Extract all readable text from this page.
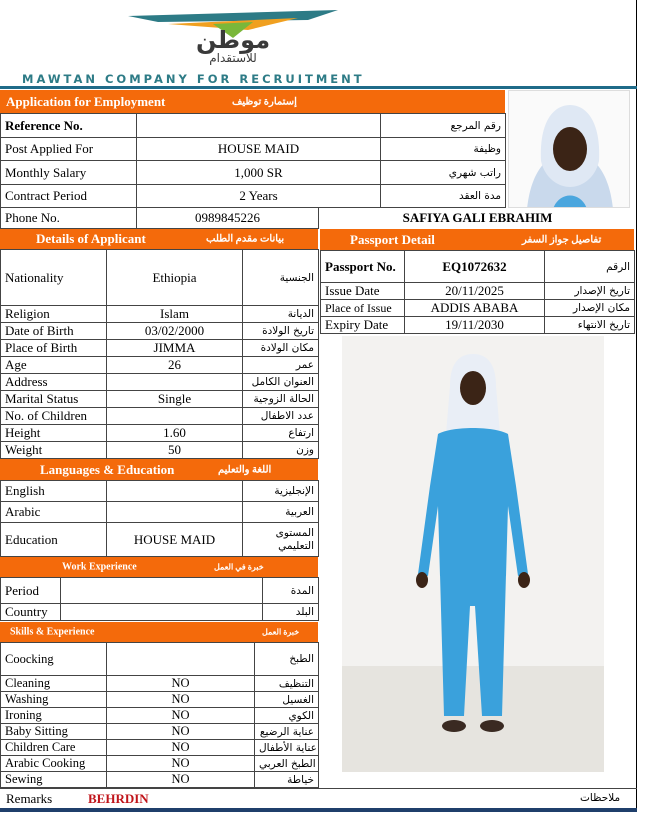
موطن
للاستقدام
MAWTAN COMPANY FOR RECRUITMENT
Application for Employment	إستمارة توظيف
Reference No.		رقم المرجع
Post Applied For	HOUSE MAID	وظيفة
Monthly Salary	1,000 SR	راتب شهري
Contract Period	2 Years	مدة العقد
Phone No.	0989845226	SAFIYA GALI EBRAHIM
Details of Applicant	بيانات مقدم الطلب
Nationality	Ethiopia	الجنسية
Religion	Islam	الديانة
Date of Birth	03/02/2000	تاريخ الولادة
Place of Birth	JIMMA	مكان الولادة
Age	26	عمر
Address		العنوان الكامل
Marital Status	Single	الحالة الزوجية
No. of Children		عدد الاطفال
Height	1.60	ارتفاع
Weight	50	وزن
Passport Detail	تفاصيل جواز السفر
Passport No.	EQ1072632	الرقم
Issue Date	20/11/2025	تاريخ الإصدار
Place of Issue	ADDIS ABABA	مكان الإصدار
Expiry Date	19/11/2030	تاريخ الانتهاء
Languages & Education	اللغة والتعليم
English		الإنجليزية
Arabic		العربية
Education	HOUSE MAID	المستوى
التعليمي
Work Experience	خبرة في العمل
Period		المدة
Country		البلد
Skills & Experience	خبرة العمل
Coocking		الطبخ
Cleaning	NO	التنظيف
Washing	NO	الغسيل
Ironing	NO	الكوي
Baby Sitting	NO	عناية الرضيع
Children Care	NO	عناية الأطفال
Arabic Cooking	NO	الطبخ العربي
Sewing	NO	خياطة
Remarks	BEHRDIN	ملاحظات
